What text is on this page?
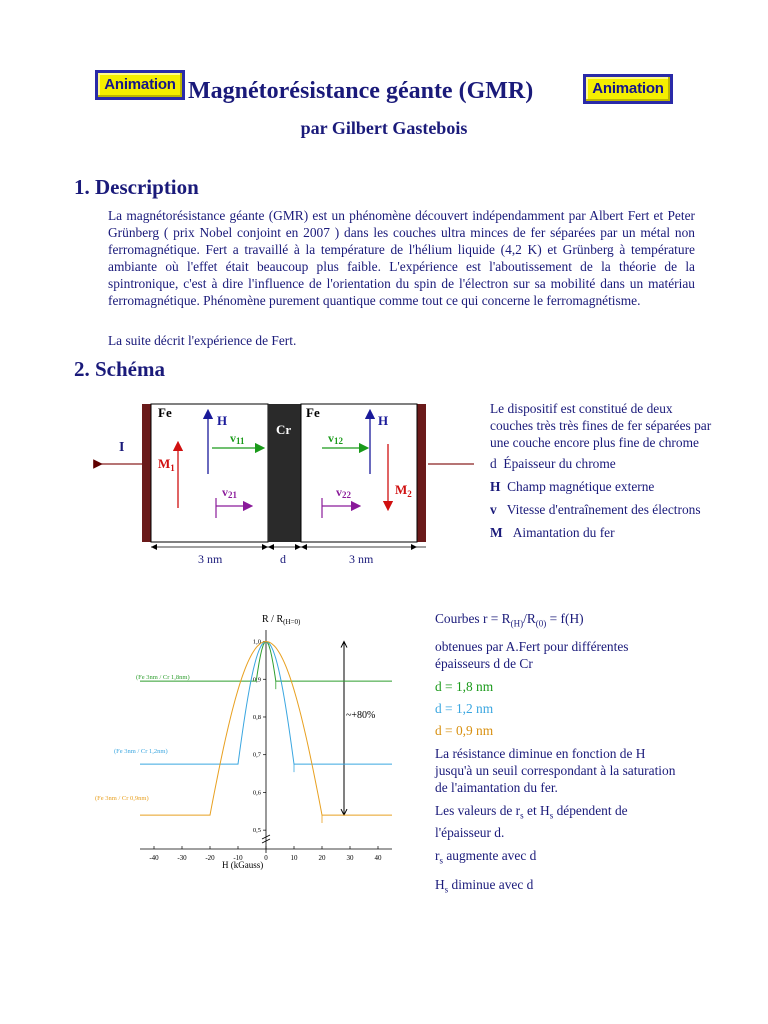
Animation Magnétorésistance géante (GMR)	Animation
par Gilbert Gastebois
1. Description

La magnétorésistance géante (GMR) est un phénomène découvert indépendamment par Albert Fert et Peter Grünberg ( prix Nobel conjoint en 2007 ) dans les couches ultra minces de fer séparées par un métal non ferromagnétique. Fert a travaillé à la température de l'hélium liquide (4,2 K) et Grünberg à température ambiante où l'effet était beaucoup plus faible. L'expérience est l'aboutissement de la théorie de la spintronique, c'est à dire l'influence de l'orientation du spin de l'électron sur sa mobilité dans un matériau ferromagnétique. Phénomène purement quantique comme tout ce qui concerne le ferromagnétisme.

La suite décrit l'expérience de Fert.

2. Schéma
Fe	Fe
Cr
I
H	H
$M_1$
$M_2$
v11	v12
v21	v22
3 nm	d	3 nm

Le dispositif est constitué de deux couches très très fines de fer séparées par une couche encore plus fine de chrome

d Épaisseur du chrome

H Champ magnétique externe

v Vitesse d'entraînement des électrons

M Aimantation du fer

-40	-30	-20	-10	0	10	20	30	40
0,5
0,6
0,7
0,8
0,9
1,0
R / $R_{(H=0)}$
H (kGauss)
(Fe 3nm / Cr 1,8nm)
(Fe 3nm / Cr 1,2nm)
(Fe 3nm / Cr 0,9nm)
~+80%

Courbes $r = R_{(H)}/R_{(0)} = f(H)$

obtenues par A.Fert pour différentes épaisseurs d de Cr

d = 1,8 nm

d = 1,2 nm

d = 0,9 nm

La résistance diminue en fonction de H jusqu'à un seuil correspondant à la saturation de l'aimantation du fer.

Les valeurs de $r_s$ et $H_s$ dépendent de l'épaisseur d.

$r_s$ augmente avec d

$H_s$ diminue avec d
